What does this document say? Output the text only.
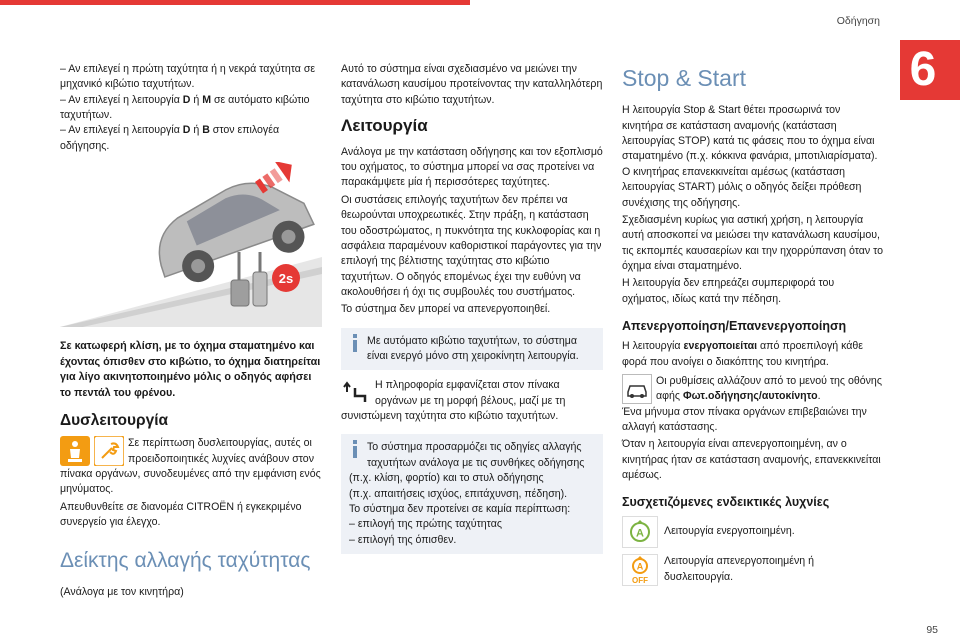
Οδήγηση
6
95

– Αν επιλεγεί η πρώτη ταχύτητα ή η νεκρά ταχύτητα σε μηχανικό κιβώτιο ταχυτήτων.

– Αν επιλεγεί η λειτουργία D ή M σε αυτόματο κιβώτιο ταχυτήτων.

– Αν επιλεγεί η λειτουργία D ή B στον επιλογέα οδήγησης.

2s

Σε κατωφερή κλίση, με το όχημα σταματημένο και έχοντας όπισθεν στο κιβώτιο, το όχημα διατηρείται για λίγο ακινητοποιημένο μόλις ο οδηγός αφήσει το πεντάλ του φρένου.

Δυσλειτουργία
Σε περίπτωση δυσλειτουργίας, αυτές οι προειδοποιητικές λυχνίες ανάβουν στον

πίνακα οργάνων, συνοδευμένες από την εμφάνιση ενός μηνύματος.

Απευθυνθείτε σε διανομέα CITROËN ή εγκεκριμένο συνεργείο για έλεγχο.

Δείκτης αλλαγής ταχύτητας

(Ανάλογα με τον κινητήρα)

Αυτό το σύστημα είναι σχεδιασμένο να μειώνει την κατανάλωση καυσίμου προτείνοντας την καταλληλότερη ταχύτητα στο κιβώτιο ταχυτήτων.

Λειτουργία

Ανάλογα με την κατάσταση οδήγησης και τον εξοπλισμό του οχήματος, το σύστημα μπορεί να σας προτείνει να παρακάμψετε μία ή περισσότερες ταχύτητες.

Οι συστάσεις επιλογής ταχυτήτων δεν πρέπει να θεωρούνται υποχρεωτικές. Στην πράξη, η κατάσταση του οδοστρώματος, η πυκνότητα της κυκλοφορίας και η ασφάλεια παραμένουν καθοριστικοί παράγοντες για την επιλογή της βέλτιστης ταχύτητας στο κιβώτιο ταχυτήτων. Ο οδηγός επομένως έχει την ευθύνη να ακολουθήσει ή όχι τις συμβουλές του συστήματος.

Το σύστημα δεν μπορεί να απενεργοποιηθεί.

Με αυτόματο κιβώτιο ταχυτήτων, το σύστημα είναι ενεργό μόνο στη χειροκίνητη λειτουργία.
Η πληροφορία εμφανίζεται στον πίνακα οργάνων με τη μορφή βέλους, μαζί με τη

συνιστώμενη ταχύτητα στο κιβώτιο ταχυτήτων.

Το σύστημα προσαρμόζει τις οδηγίες αλλαγής ταχυτήτων ανάλογα με τις συνθήκες οδήγησης
(π.χ. κλίση, φορτίο) και το στυλ οδήγησης
(π.χ. απαιτήσεις ισχύος, επιτάχυνση, πέδηση).
Το σύστημα δεν προτείνει σε καμία περίπτωση:
– επιλογή της πρώτης ταχύτητας
– επιλογή της όπισθεν.
Stop & Start

Η λειτουργία Stop & Start θέτει προσωρινά τον κινητήρα σε κατάσταση αναμονής (κατάσταση λειτουργίας STOP) κατά τις φάσεις που το όχημα είναι σταματημένο (π.χ. κόκκινα φανάρια, μποτιλιαρίσματα). Ο κινητήρας επανεκκινείται αμέσως (κατάσταση λειτουργίας START) μόλις ο οδηγός δείξει πρόθεση συνέχισης της οδήγησης.

Σχεδιασμένη κυρίως για αστική χρήση, η λειτουργία αυτή αποσκοπεί να μειώσει την κατανάλωση καυσίμου, τις εκπομπές καυσαερίων και την ηχορρύπανση όταν το όχημα είναι σταματημένο.

Η λειτουργία δεν επηρεάζει συμπεριφορά του οχήματος, ιδίως κατά την πέδηση.

Απενεργοποίηση/Επανενεργοποίηση

Η λειτουργία ενεργοποιείται από προεπιλογή κάθε φορά που ανοίγει ο διακόπτης του κινητήρα.

Οι ρυθμίσεις αλλάζουν από το μενού της οθόνης αφής Φωτ.οδήγησης/αυτοκίνητο.

Ένα μήνυμα στον πίνακα οργάνων επιβεβαιώνει την αλλαγή κατάστασης.

Όταν η λειτουργία είναι απενεργοποιημένη, αν ο κινητήρας ήταν σε κατάσταση αναμονής, επανεκκινείται αμέσως.

Συσχετιζόμενες ενδεικτικές λυχνίες
A Λειτουργία ενεργοποιημένη.
A
OFF
Λειτουργία απενεργοποιημένη ή δυσλειτουργία.
